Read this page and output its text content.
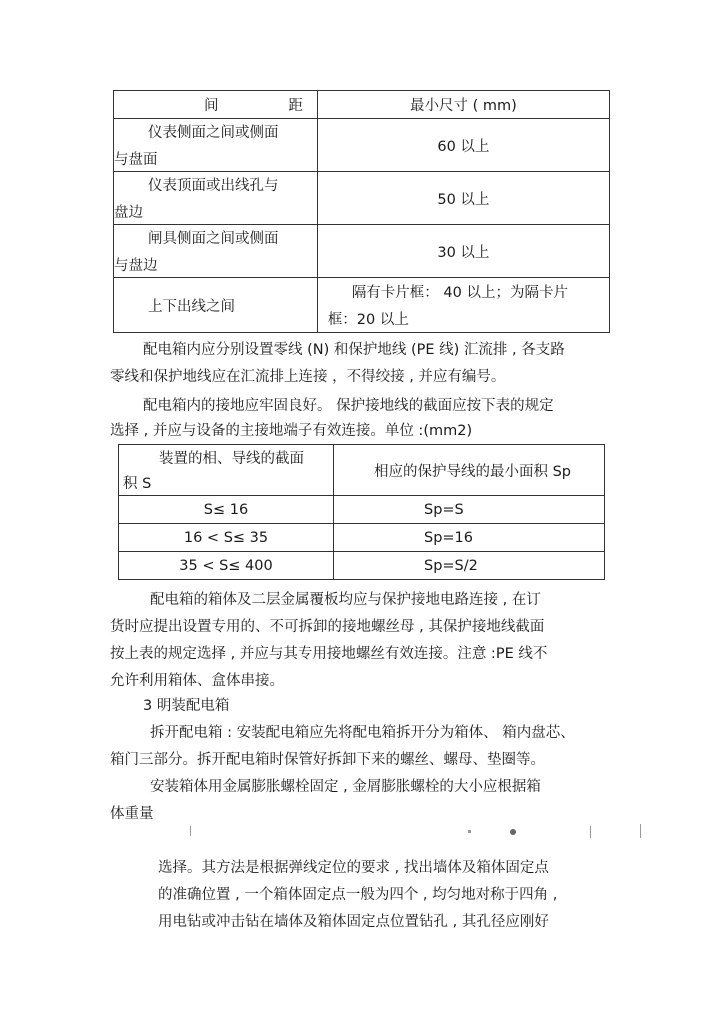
间 距	最小尺寸 ( mm)

仪表侧面之间或侧面
与盘面	60 以上

仪表顶面或出线孔与
盘边	50 以上

闸具侧面之间或侧面
与盘边	30 以上

上下出线之间	隔有卡片框： 40 以上；为隔卡片
框：20 以上
配电箱内应分别设置零线 (N) 和保护地线 (PE 线) 汇流排 , 各支路
零线和保护地线应在汇流排上连接 ，不得绞接 , 并应有编号。
配电箱内的接地应牢固良好。 保护接地线的截面应按下表的规定
选择 , 并应与设备的主接地端子有效连接。单位 :(mm2)
装置的相、导线的截面
积 S	相应的保护导线的最小面积 Sp
S≤ 16	Sp=S
16 < S≤ 35	Sp=16
35 < S≤ 400	Sp=S/2
配电箱的箱体及二层金属覆板均应与保护接地电路连接 , 在订
货时应提出设置专用的、不可拆卸的接地螺丝母 , 其保护接地线截面
按上表的规定选择 , 并应与其专用接地螺丝有效连接。注意 :PE 线不
允许利用箱体、盒体串接。
3 明装配电箱
拆开配电箱 : 安装配电箱应先将配电箱拆开分为箱体、 箱内盘芯、
箱门三部分。拆开配电箱时保管好拆卸下来的螺丝、螺母、垫圈等。
安装箱体用金属膨胀螺栓固定 , 金屑膨胀螺栓的大小应根据箱
体重量
选择。其方法是根据弹线定位的要求 , 找出墙体及箱体固定点
的准确位置 , 一个箱体固定点一般为四个 , 均匀地对称于四角 ,
用电钻或冲击钻在墙体及箱体固定点位置钻孔 , 其孔径应刚好
